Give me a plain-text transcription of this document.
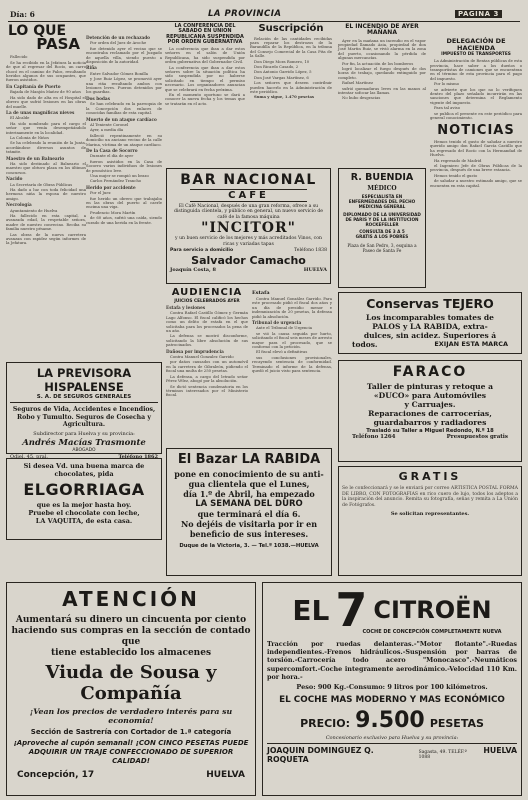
Día: 6	LA PROVINCIA	PAGINA 3
LO QUE
PASA

Fallecido

Se ha recibido en la Jefatura la noticia de que al regresar del Rocío, un carro chocó en el camino de Palos, resultando heridos algunos de sus ocupantes, que fueron asistidos.

En Capitanía de Puerto

Bajada de Manjón Mañez de 90 años

Ha sido dado de alta en el Hospital el obrero que sufrió lesiones en las obras del muelle.

La de unas magníficas nieves

El Alcalde

Ha sido nombrado para el cargo el señor que venía desempeñándolo interinamente en la localidad.

La Colonia de Niños

Se ha celebrado la reunión de la Junta, acordándose diversos asuntos de trámite.

Maestro de un Balneario

Ha sido destinado al Balneario el maestro que obtuvo plaza en los últimos concursos.

Nacido

La Secretaría de Obras Públicas

Ha dado a luz con toda felicidad una hermosa niña la esposa de nuestro amigo.

Necrología

Ayuntamiento de Huelva

Ha fallecido en esta capital, a avanzada edad, la respetable señora, madre de nuestro convecino. Reciba su familia nuestro pésame.

Las obras de la nueva carretera avanzan con rapidez según informes de la Jefatura.

Detención de un rechazado

Por orden del Juez de Aroche

fue detenido ayer el vecino que se encontraba reclamado por el Juzgado de aquella villa, siendo puesto a disposición de la autoridad.

Riña

Entre Salvador Gómez Bonilla

y Jose Ruiz López, se promovió ayer una riña resultando ambos con lesiones leves. Fueron detenidos por los guardias.

Dos bodas

Se han celebrado en la parroquia de la Concepción dos enlaces de conocidas familias de esta capital.

Muerto de un ataque cardíaco

Al Teniente Coronel

Ayer, a media día

falleció repentinamente en su domicilio un anciano vecino de la calle Marina, víctima de un ataque cardíaco.

De la Casa de Socorro

Durante el día de ayer

fueron asistidos en la Casa de Socorro varios individuos de lesiones de pronóstico leve.

Una mujer se rompió un brazo

Carlos Fernández Trancho

Herido por accidente

Por el Juez

fue herido un obrero que trabajaba en las obras del puerto al caerle encima una viga.

Prudencio Mora Martín

de 60 años, sufrió una caída, siendo curado de una herida en la frente.

LA CONFERENCIA DEL SABADO EN UNION REPUBLICANA SUSPENDIDA POR ORDEN GUBERNATIVA

La conferencia que iban a dar estos señores en el salón de Unión Republicana, ha sido suspendida por orden gubernativa del Gobernador Civil.

La conferencia que iban a dar estos señores sobre la situación política ha sido suspendida por no haberse solicitado en tiempo el permiso necesario. Los organizadores anuncian que se celebrará en fecha próxima.

En el momento oportuno se dará a conocer la nueva fecha y los temas que se tratarán en el acto.

Suscripción

Relación de las cantidades recibidas para reparar los destrozos de la Barandilla de la República, en la tribuna del Consejo Comercial de la Casa Pita de la Salle.

Don Diego Mora Romero, 10

Don Ricardo Casado, 2

Don Antonio Garrido López, 5

Don José Vargas Martínez, 6

Los señores que deseen contribuir pueden hacerlo en la Administración de este periódico.

Suma y sigue, 1.470 pesetas

EL INCENDIO DE AYER MAÑANA

Ayer en la mañana un incendio en el vapor propiedad llamado Asia, propiedad de don José Martin Ruiz, se vivió alarma en la zona del puerto, ocasionando la pérdida de algunas mercancías.

Por fin, la actuación de los bomberos

logró localizar el fuego después de dos horas de trabajo, quedando extinguido por completo.

Rafael Martínez

sufrió quemaduras leves en las manos al intentar sofocar las llamas.

No hubo desgracias

DELEGACIÓN DE HACIENDA
IMPUESTO DE TRANSPORTES

La Administración de Rentas públicas de esta provincia, hace saber a los dueños o transportistas de camiones que se encuentran en el término de esta provincia para el pago del impuesto.

Por lo mismo

se advierte que los que no lo verifiquen dentro del plazo señalado incurrirán en las sanciones que determina el Reglamento vigente del impuesto.

Para tal aviso

se publica el presente en este periódico para general conocimiento.

NOTICIAS

Hemos tenido el gusto de saludar a nuestro querido amigo don Rafael García Castillo que ha regresado del Rocío con la Hermandad de Huelva.

Ha regresado de Madrid

el Ingeniero Jefe de Obras Públicas de la provincia, después de una breve estancia.

Hemos tenido el gusto

de saludar a nuestro estimado amigo, que se encuentra en esta capital.

BAR NACIONAL
CAFE
El Café Nacional, después de una gran reforma, ofrece a su distinguida clientela, y público en general, un nuevo servicio de café de la famosa máquina
"INCITOR"
y un buen servicio de los mejores y más acreditados Vinos, con ricas y variadas tapas
Para servicio a domicilio	Teléfono 1838
Salvador Camacho
Joaquín Costa, 8	HUELVA
R. BUENDIA
MÉDICO
ESPECIALISTA EN ENFERMEDADES DEL PECHO
MEDICINA GENERAL
DIPLOMADO DE LA UNIVERSIDAD DE PARIS Y DE LA INSTITUCION ROCKEFELLER
CONSULTA DE 3 A 5
GRATIS A LOS POBRES
Plaza de San Pedro, 3, esquina a Paseo de Santa Fe
AUDIENCIA
JUICIOS CELEBRADOS AYER
Estafa y lesiones

Contra Rafael Castillo Gómez y Germán Lago Alfonso. El fiscal calificó los hechos como un delito de estafa en el que solicitaba para los procesados la pena de un año.

La defensa se mostró disconforme, solicitando la libre absolución de sus patrocinados.

Dañosa por imprudencia

Contra Manuel Gonzalez Garrido

por daños causados con un automóvil en la carretera de Gibraleón, pidiendo el fiscal una multa de 250 pesetas.

La defensa, a cargo del letrado señor Pérez Vélez, abogó por la absolución.

Se dictó sentencia condenatoria en los términos interesados por el Ministerio fiscal.

Estafa

Contra Manuel González Garrido. Para este procesado pidió el fiscal dos años y un día de presidio menor e indemnización de 20 pesetas, la defensa pidió la absolución.

Tribunal de urgencia

Ante el Tribunal de Urgencia

se vió la causa seguida por hurto, solicitando el fiscal seis meses de arresto mayor para el procesado, que se conformó con la petición.

El fiscal elevó a definitivas

sus conclusiones provisionales, recayendo sentencia de conformidad. Terminado el informe de la defensa, quedó el juicio visto para sentencia.

LA PREVISORA HISPALENSE
S. A. DE SEGUROS GENERALES
Seguros de Vida, Accidentes e Incendios, Robo y Tumulto. Seguros de Cosecha y Agricultura.
Subdirector para Huelva y su provincia:
Andrés Macías Trasmonte
ABOGADO
Odiel, 45, pral.	Teléfono 1862
Conservas TEJERO
Los incomparables tomates de
PALOS y LA RABIDA, extra-
dulces, sin acidez. Superiores á
todos.	EXIJAN ESTA MARCA
FARACO
Taller de pinturas y retoque a
«DUCO» para Automóviles
y Carruajes.
Reparaciones de carrocerías,
guardabarros y radiadores
Trasladó su Taller a Miguel Redondo, N.º 18
Teléfono 1264	Presupuestos gratis
Si desea Vd. una buena marca de chocolates, pida
ELGORRIAGA
que es la mejor hasta hoy.
Pruebe el chocolate con leche,
LA VAQUITA, de esta casa.
El Bazar LA RABIDA
pone en conocimiento de su anti-
gua clientela que el Lunes,
día 1.º de Abril, ha empezado
LA SEMANA DEL DURO
que terminará el día 6.
No dejéis de visitarla por ir en
beneficio de sus intereses.
Duque de la Victoria, 3. — Tel.º 1038.—HUELVA
GRATIS
Se le confeccionará y se le enviará por correo ARTISTICA POSTAL FORMA DE LIBRO, CON FOTOGRAFIAS en rico cuero de lujo, todos los adeptos a la inspiración del anuncio. Remita su fotografía, señas y remita a La Unión de Fotógrafos.
Se solicitan representantes.
ATENCIÓN
Aumentará su dinero un cincuenta por ciento
haciendo sus compras en la sección de contado que
tiene establecido los almacenes
Viuda de Sousa y Compañía
¡Vean los precios de verdadero interés para su economía!
Sección de Sastrería con Cortador de 1.ª categoría
¡Aproveche al cupón semanal! ¡CON CINCO PESETAS PUEDE ADQUIRIR UN TRAJE CONFECCIONADO DE SUPERIOR CALIDAD!
Concepción, 17	HUELVA
EL 7 CITROËN
COCHE DE CONCEPCIÓN COMPLETAMENTE NUEVA
Tracción por ruedas delanteras.-"Motor flotante".-Ruedas independientes.-Frenos hidráulicos.-Suspensión por barras de torsión.-Carrocería todo acero "Monocasco".-Neumáticos supercomfort.-Coche integramente aerodinámico.-Velocidad 110 Km. por hora.-
Peso: 900 Kg.-Consumo: 9 litros por 100 kilómetros.
EL COCHE MAS MODERNO Y MAS ECONÓMICO
PRECIO: 9.500 PESETAS
Concesionario exclusivo para Huelva y su provincia:
JOAQUIN DOMINGUEZ Q. ROQUETA
Sagasta, 49. TELÉF.º 1088
HUELVA
